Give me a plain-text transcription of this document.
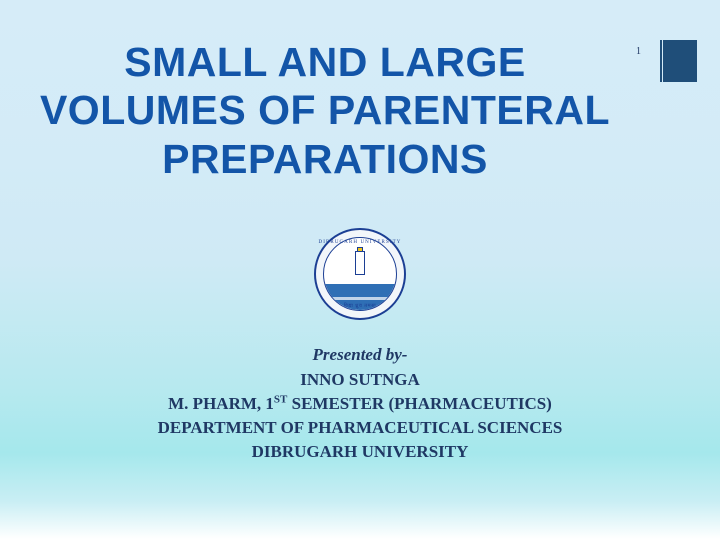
1
SMALL AND LARGE VOLUMES OF PARENTERAL PREPARATIONS
DIBRUGARH UNIVERSITY
विद्या ध्रुव तमसः
Presented by-
INNO SUTNGA
M. PHARM, 1ST SEMESTER (PHARMACEUTICS)
DEPARTMENT OF PHARMACEUTICAL SCIENCES
DIBRUGARH UNIVERSITY
